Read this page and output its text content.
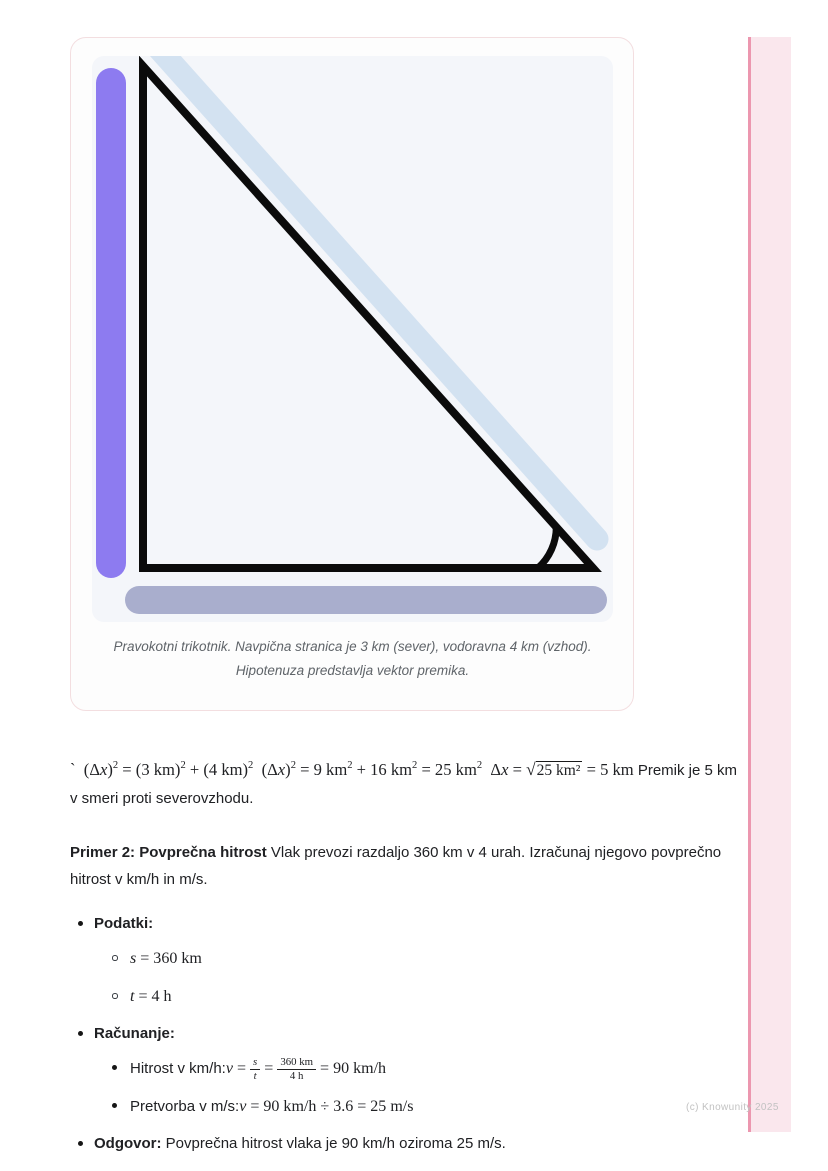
Pravokotni trikotnik. Navpična stranica je 3 km (sever), vodoravna 4 km (vzhod). Hipotenuza predstavlja vektor premika.

`  $(\Delta x)^2 = (3$ km)$^2$ + (4 km)$^2$  $(\Delta x)^2 = 9$ $km^2 + 16$ $km^2 = 25$ $km^2$  Δx = √25 km² = 5 km Premik je 5 km v smeri proti severovzhodu.

Primer 2: Povprečna hitrost Vlak prevozi razdaljo 360 km v 4 urah. Izračunaj njegovo povprečno hitrost v km/h in m/s.

Podatki:
s = 360 km
t = 4 h
Računanje:
Hitrost v km/h:v = $\frac{s}{t} = \frac{360 km}{4 h} = 90$ km/h
Pretvorba v m/s:v = 90 km/h ÷ 3.6 = 25 m/s
Odgovor: Povprečna hitrost vlaka je 90 km/h oziroma 25 m/s.
(c) Knowunity 2025
